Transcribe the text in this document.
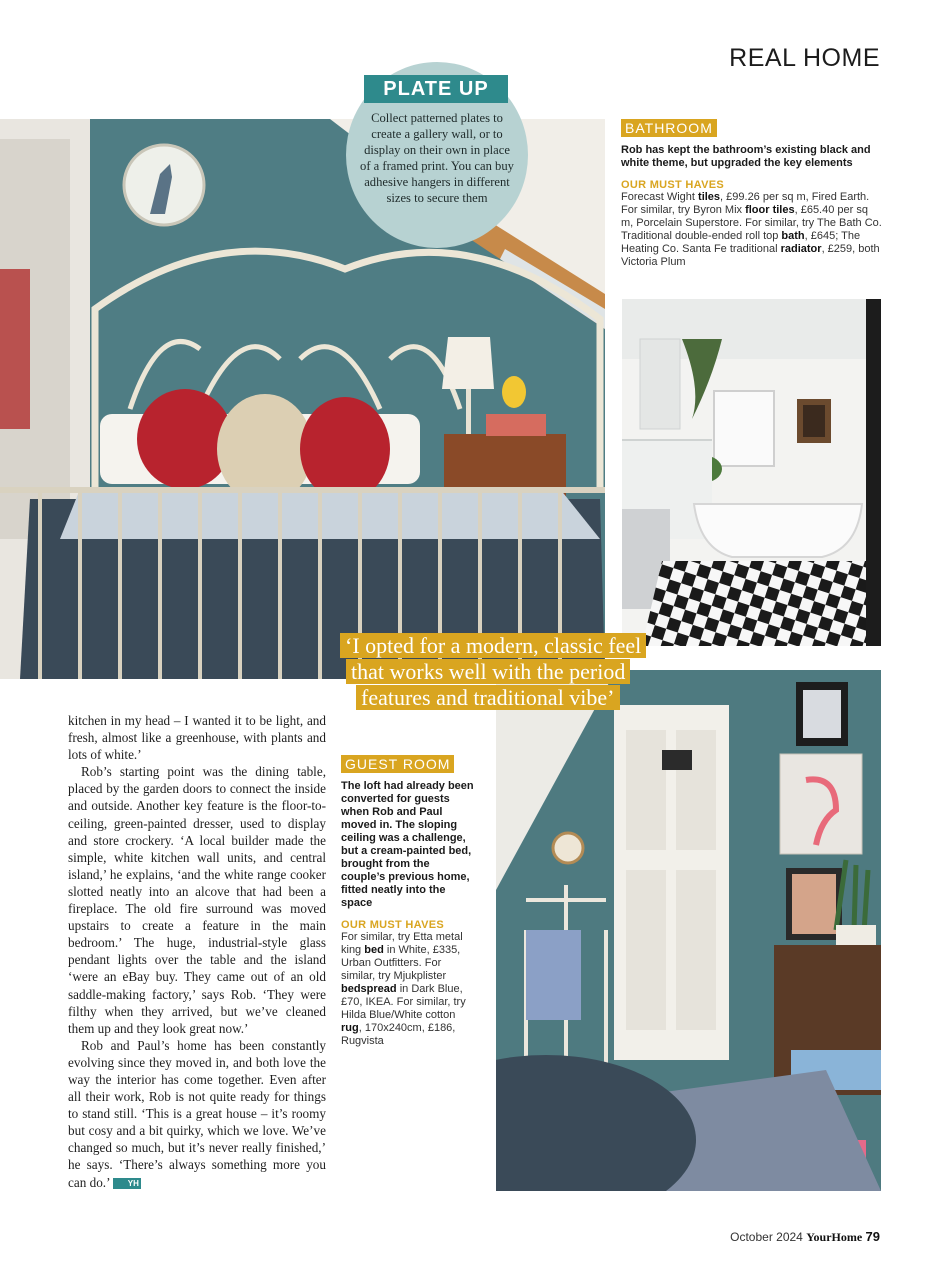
REAL HOME
PLATE UP
Collect patterned plates to create a gallery wall, or to display on their own in place of a framed print. You can buy adhesive hangers in different sizes to secure them
BATHROOM
Rob has kept the bathroom’s existing black and white theme, but upgraded the key elements
OUR MUST HAVES
Forecast Wight tiles, £99.26 per sq m, Fired Earth. For similar, try Byron Mix floor tiles, £65.40 per sq m, Porcelain Superstore. For similar, try The Bath Co. Traditional double-ended roll top bath, £645; The Heating Co. Santa Fe traditional radiator, £259, both Victoria Plum
‘I opted for a modern, classic feel
that works well with the period
features and traditional vibe’

kitchen in my head – I wanted it to be light, and fresh, almost like a greenhouse, with plants and lots of white.’

Rob’s starting point was the dining table, placed by the garden doors to connect the inside and outside. Another key feature is the floor-to-ceiling, green-painted dresser, used to display and store crockery. ‘A local builder made the simple, white kitchen wall units, and central island,’ he explains, ‘and the white range cooker slotted neatly into an alcove that had been a fireplace. The old fire surround was moved upstairs to create a feature in the main bedroom.’ The huge, industrial-style glass pendant lights over the table and the island ‘were an eBay buy. They came out of an old saddle-making factory,’ says Rob. ‘They were filthy when they arrived, but we’ve cleaned them up and they look great now.’

Rob and Paul’s home has been constantly evolving since they moved in, and both love the way the interior has come together. Even after all their work, Rob is not quite ready for things to stand still. ‘This is a great house – it’s roomy but cosy and a bit quirky, which we love. We’ve changed so much, but it’s never really finished,’ he says. ‘There’s always something more you can do.’ YH

GUEST ROOM
The loft had already been converted for guests when Rob and Paul moved in. The sloping ceiling was a challenge, but a cream-painted bed, brought from the couple’s previous home, fitted neatly into the space
OUR MUST HAVES
For similar, try Etta metal king bed in White, £335, Urban Outfitters. For similar, try Mjukplister bedspread in Dark Blue, £70, IKEA. For similar, try Hilda Blue/White cotton rug, 170x240cm, £186, Rugvista
October 2024 YourHome 79
